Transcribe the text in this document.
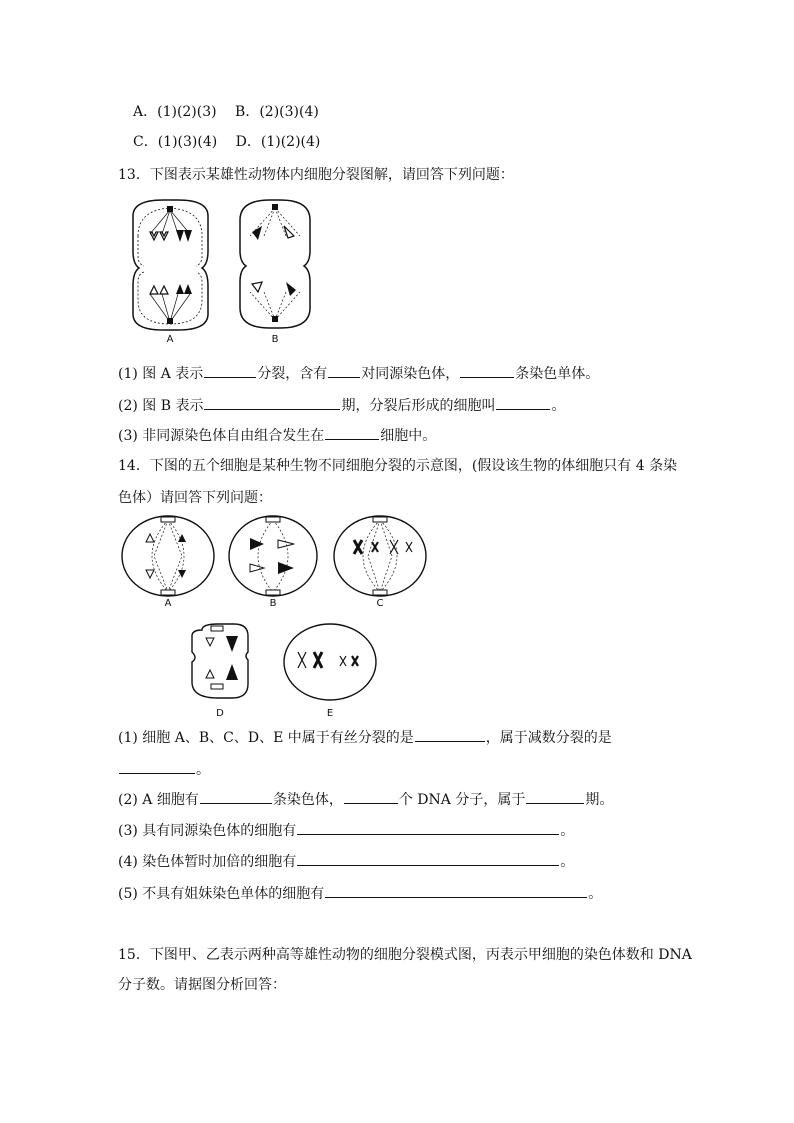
A．(1)(2)(3)　 B．(2)(3)(4)
C．(1)(3)(4)　 D．(1)(2)(4)
13．下图表示某雄性动物体内细胞分裂图解，请回答下列问题：
A	B
(1) 图 A 表示	分裂，含有 对同源染色体，	条染色单体。
(2) 图 B 表示	期，分裂后形成的细胞叫	。
(3) 非同源染色体自由组合发生在	细胞中。
14．下图的五个细胞是某种生物不同细胞分裂的示意图，(假设该生物的体细胞只有 4 条染
色体）请回答下列问题：
A	B	C
D	E
(1) 细胞 A、B、C、D、E 中属于有丝分裂的是	，属于减数分裂的是
。
(2) A 细胞有	条染色体，	个 DNA 分子，属于	期。
(3) 具有同源染色体的细胞有	。
(4) 染色体暂时加倍的细胞有	。
(5) 不具有姐妹染色单体的细胞有	。
15．下图甲、乙表示两种高等雄性动物的细胞分裂模式图，丙表示甲细胞的染色体数和 DNA
分子数。请据图分析回答：
